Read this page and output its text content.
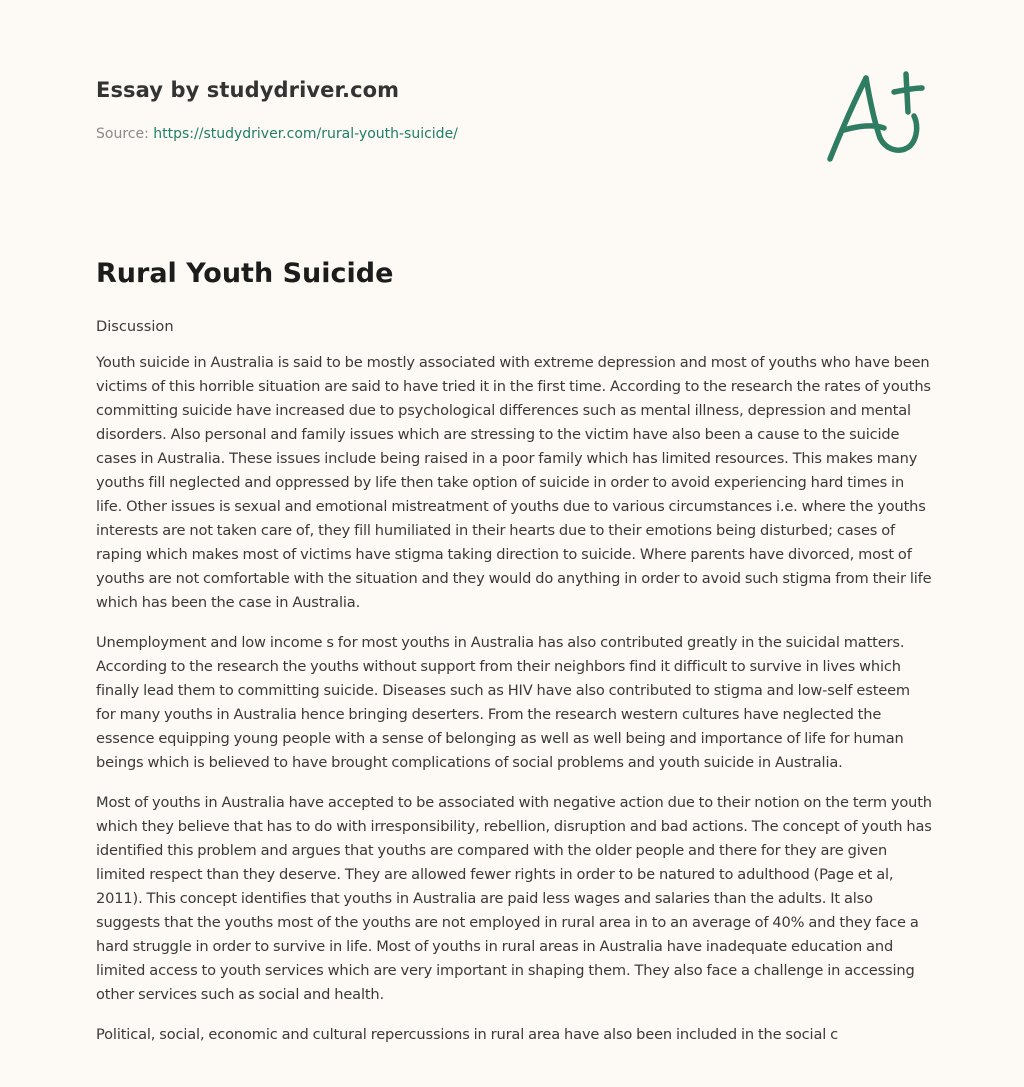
Essay by studydriver.com
Source: https://studydriver.com/rural-youth-suicide/
Rural Youth Suicide
Discussion

Youth suicide in Australia is said to be mostly associated with extreme depression and most of youths who have been victims of this horrible situation are said to have tried it in the first time. According to the research the rates of youths committing suicide have increased due to psychological differences such as mental illness, depression and mental disorders. Also personal and family issues which are stressing to the victim have also been a cause to the suicide cases in Australia. These issues include being raised in a poor family which has limited resources. This makes many youths fill neglected and oppressed by life then take option of suicide in order to avoid experiencing hard times in life. Other issues is sexual and emotional mistreatment of youths due to various circumstances i.e. where the youths interests are not taken care of, they fill humiliated in their hearts due to their emotions being disturbed; cases of raping which makes most of victims have stigma taking direction to suicide. Where parents have divorced, most of youths are not comfortable with the situation and they would do anything in order to avoid such stigma from their life which has been the case in Australia.

Unemployment and low income s for most youths in Australia has also contributed greatly in the suicidal matters. According to the research the youths without support from their neighbors find it difficult to survive in lives which finally lead them to committing suicide. Diseases such as HIV have also contributed to stigma and low-self esteem for many youths in Australia hence bringing deserters. From the research western cultures have neglected the essence equipping young people with a sense of belonging as well as well being and importance of life for human beings which is believed to have brought complications of social problems and youth suicide in Australia.

Most of youths in Australia have accepted to be associated with negative action due to their notion on the term youth which they believe that has to do with irresponsibility, rebellion, disruption and bad actions. The concept of youth has identified this problem and argues that youths are compared with the older people and there for they are given limited respect than they deserve. They are allowed fewer rights in order to be natured to adulthood (Page et al, 2011). This concept identifies that youths in Australia are paid less wages and salaries than the adults. It also suggests that the youths most of the youths are not employed in rural area in to an average of 40% and they face a hard struggle in order to survive in life. Most of youths in rural areas in Australia have inadequate education and limited access to youth services which are very important in shaping them. They also face a challenge in accessing other services such as social and health.

Political, social, economic and cultural repercussions in rural area have also been included in the social c
